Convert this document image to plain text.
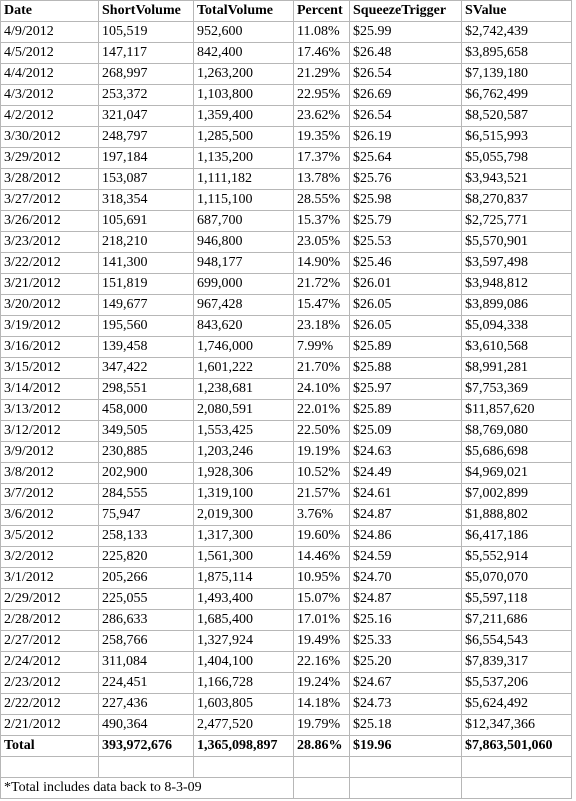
Date	ShortVolume	TotalVolume	Percent	SqueezeTrigger	SValue
4/9/2012	105,519	952,600	11.08%	$25.99	$2,742,439
4/5/2012	147,117	842,400	17.46%	$26.48	$3,895,658
4/4/2012	268,997	1,263,200	21.29%	$26.54	$7,139,180
4/3/2012	253,372	1,103,800	22.95%	$26.69	$6,762,499
4/2/2012	321,047	1,359,400	23.62%	$26.54	$8,520,587
3/30/2012	248,797	1,285,500	19.35%	$26.19	$6,515,993
3/29/2012	197,184	1,135,200	17.37%	$25.64	$5,055,798
3/28/2012	153,087	1,111,182	13.78%	$25.76	$3,943,521
3/27/2012	318,354	1,115,100	28.55%	$25.98	$8,270,837
3/26/2012	105,691	687,700	15.37%	$25.79	$2,725,771
3/23/2012	218,210	946,800	23.05%	$25.53	$5,570,901
3/22/2012	141,300	948,177	14.90%	$25.46	$3,597,498
3/21/2012	151,819	699,000	21.72%	$26.01	$3,948,812
3/20/2012	149,677	967,428	15.47%	$26.05	$3,899,086
3/19/2012	195,560	843,620	23.18%	$26.05	$5,094,338
3/16/2012	139,458	1,746,000	7.99%	$25.89	$3,610,568
3/15/2012	347,422	1,601,222	21.70%	$25.88	$8,991,281
3/14/2012	298,551	1,238,681	24.10%	$25.97	$7,753,369
3/13/2012	458,000	2,080,591	22.01%	$25.89	$11,857,620
3/12/2012	349,505	1,553,425	22.50%	$25.09	$8,769,080
3/9/2012	230,885	1,203,246	19.19%	$24.63	$5,686,698
3/8/2012	202,900	1,928,306	10.52%	$24.49	$4,969,021
3/7/2012	284,555	1,319,100	21.57%	$24.61	$7,002,899
3/6/2012	75,947	2,019,300	3.76%	$24.87	$1,888,802
3/5/2012	258,133	1,317,300	19.60%	$24.86	$6,417,186
3/2/2012	225,820	1,561,300	14.46%	$24.59	$5,552,914
3/1/2012	205,266	1,875,114	10.95%	$24.70	$5,070,070
2/29/2012	225,055	1,493,400	15.07%	$24.87	$5,597,118
2/28/2012	286,633	1,685,400	17.01%	$25.16	$7,211,686
2/27/2012	258,766	1,327,924	19.49%	$25.33	$6,554,543
2/24/2012	311,084	1,404,100	22.16%	$25.20	$7,839,317
2/23/2012	224,451	1,166,728	19.24%	$24.67	$5,537,206
2/22/2012	227,436	1,603,805	14.18%	$24.73	$5,624,492
2/21/2012	490,364	2,477,520	19.79%	$25.18	$12,347,366
Total	393,972,676	1,365,098,897	28.86%	$19.96	$7,863,501,060

*Total includes data back to 8-3-09					
